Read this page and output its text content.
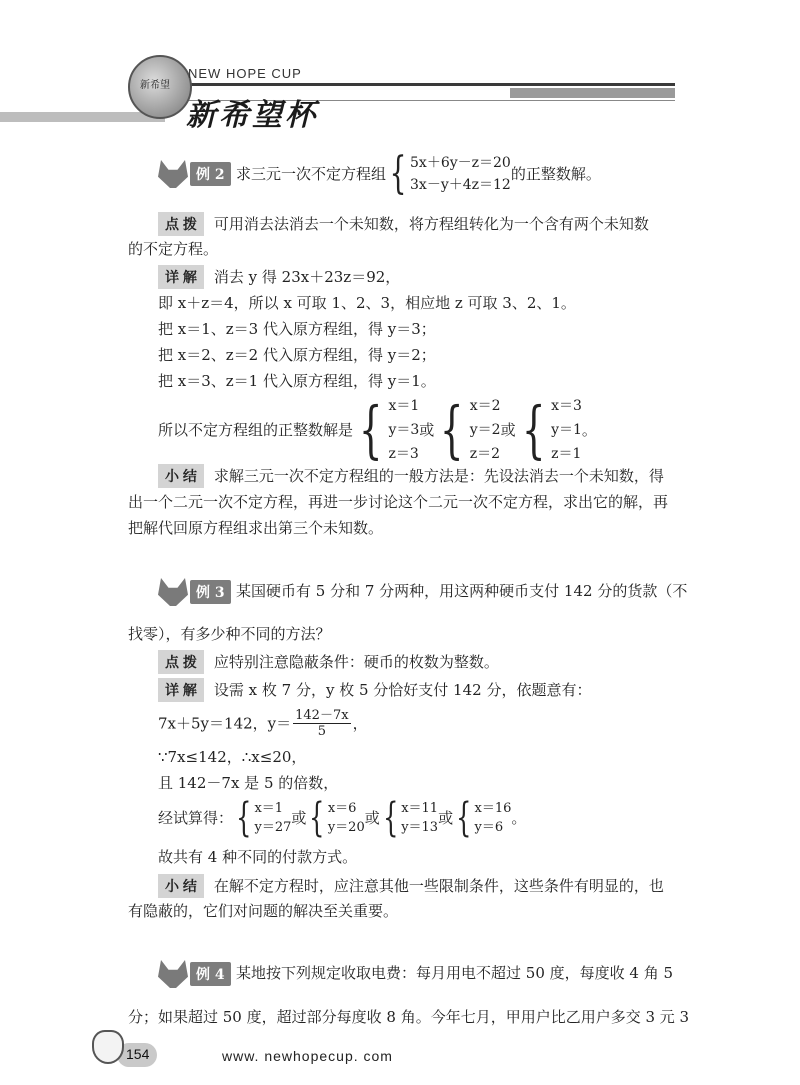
新希望
NEW HOPE CUP
新希望杯
例 2 求三元一次不定方程组 { 5x＋6y－z＝20
3x－y＋4z＝12
的正整数解。
点 拨 可用消去法消去一个未知数，将方程组转化为一个含有两个未知数
的不定方程。
详 解 消去 y 得 23x＋23z＝92，
即 x＋z＝4，所以 x 可取 1、2、3，相应地 z 可取 3、2、1。
把 x＝1、z＝3 代入原方程组，得 y＝3；
把 x＝2、z＝2 代入原方程组，得 y＝2；
把 x＝3、z＝1 代入原方程组，得 y＝1。
所以不定方程组的正整数解是 { x＝1
y＝3
z＝3
或 { x＝2
y＝2
z＝2
或 { x＝3
y＝1
z＝1
。
小 结 求解三元一次不定方程组的一般方法是：先设法消去一个未知数，得
出一个二元一次不定方程，再进一步讨论这个二元一次不定方程，求出它的解，再
把解代回原方程组求出第三个未知数。
例 3 某国硬币有 5 分和 7 分两种，用这两种硬币支付 142 分的货款（不
找零），有多少种不同的方法？
点 拨 应特别注意隐蔽条件：硬币的枚数为整数。
详 解 设需 x 枚 7 分，y 枚 5 分恰好支付 142 分，依题意有：
7x＋5y＝142，$y= \frac{142-7x}{5}$ ，
∵7x≤142，∴x≤20，
且 142－7x 是 5 的倍数，
经试算得： { x＝1
y＝27
或 { x＝6
y＝20
或 { x＝11
y＝13
或 { x＝16
y＝6
。
故共有 4 种不同的付款方式。
小 结 在解不定方程时，应注意其他一些限制条件，这些条件有明显的，也
有隐蔽的，它们对问题的解决至关重要。
例 4 某地按下列规定收取电费：每月用电不超过 50 度，每度收 4 角 5
分；如果超过 50 度，超过部分每度收 8 角。今年七月，甲用户比乙用户多交 3 元 3
154	www. newhopecup. com
